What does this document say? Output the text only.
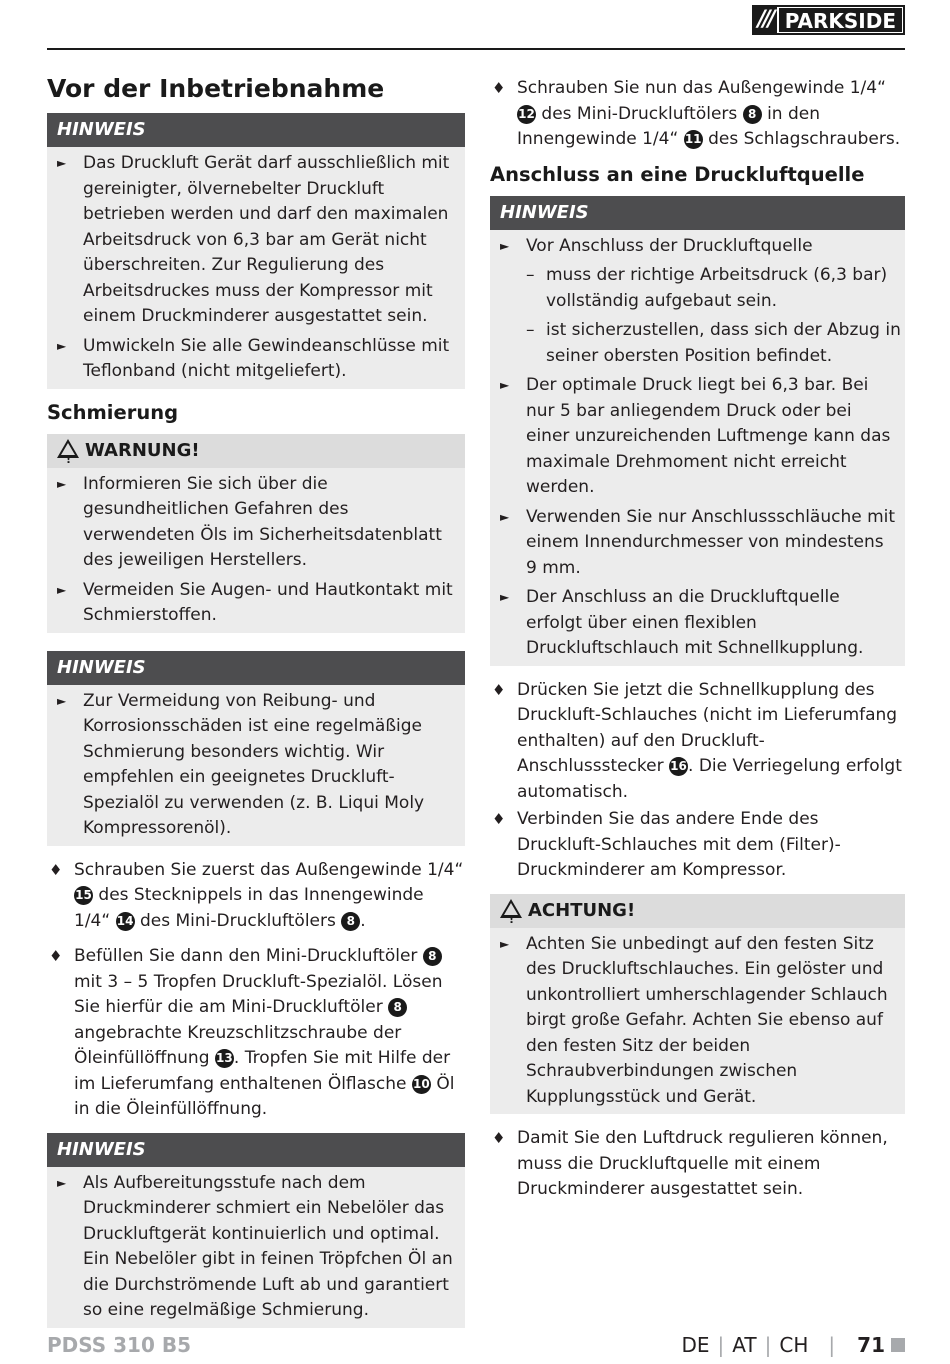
/// PARKSIDE
Vor der Inbetriebnahme
HINWEIS
► Das Druckluft Gerät darf ausschließlich mit gereinigter, ölvernebelter Druckluft betrieben werden und darf den maximalen Arbeitsdruck von 6,3 bar am Gerät nicht überschreiten. Zur Regulierung des Arbeitsdruckes muss der Kompressor mit einem Druckminderer ausgestattet sein.
► Umwickeln Sie alle Gewindeanschlüsse mit Teflonband (nicht mitgeliefert).
Schmierung
!WARNUNG!
► Informieren Sie sich über die gesundheitlichen Gefahren des verwendeten Öls im Sicherheitsdatenblatt des jeweiligen Herstellers.
► Vermeiden Sie Augen- und Hautkontakt mit Schmierstoffen.
HINWEIS
► Zur Vermeidung von Reibung- und Korrosionsschäden ist eine regelmäßige Schmierung besonders wichtig. Wir empfehlen ein geeignetes Druckluft-Spezialöl zu verwenden (z. B. Liqui Moly Kompressorenöl).
♦ Schrauben Sie zuerst das Außengewinde 1/4“ 15 des Stecknippels in das Innengewinde 1/4“ 14 des Mini-Druckluftölers 8 .
♦ Befüllen Sie dann den Mini-Druckluftöler 8 mit 3 – 5 Tropfen Druckluft-Spezialöl. Lösen Sie hierfür die am Mini-Druckluftöler 8 angebrachte Kreuzschlitzschraube der Öleinfüllöffnung 13. Tropfen Sie mit Hilfe der im Lieferumfang enthaltenen Ölflasche 10 Öl in die Öleinfüllöffnung.
HINWEIS
► Als Aufbereitungsstufe nach dem Druckminderer schmiert ein Nebelöler das Druckluftgerät kontinuierlich und optimal. Ein Nebelöler gibt in feinen Tröpfchen Öl an die Durchströmende Luft ab und garantiert so eine regelmäßige Schmierung.
♦ Schrauben Sie nun das Außengewinde 1/4“ 12 des Mini-Druckluftölers 8 in den Innengewinde 1/4“ 11 des Schlagschraubers.
Anschluss an eine Druckluftquelle
HINWEIS
► Vor Anschluss der Druckluftquelle
– muss der richtige Arbeitsdruck (6,3 bar) vollständig aufgebaut sein.
– ist sicherzustellen, dass sich der Abzug in seiner obersten Position befindet.
► Der optimale Druck liegt bei 6,3 bar. Bei nur 5 bar anliegendem Druck oder bei einer unzureichenden Luftmenge kann das maximale Drehmoment nicht erreicht werden.
► Verwenden Sie nur Anschlussschläuche mit einem Innendurchmesser von mindestens 9 mm.
► Der Anschluss an die Druckluftquelle erfolgt über einen flexiblen Druckluftschlauch mit Schnellkupplung.
♦ Drücken Sie jetzt die Schnellkupplung des Druckluft-Schlauches (nicht im Lieferumfang enthalten) auf den Druckluft-Anschlussstecker 16. Die Verriegelung erfolgt automatisch.
♦ Verbinden Sie das andere Ende des Druckluft-Schlauches mit dem (Filter)-Druckminderer am Kompressor.
!ACHTUNG!
► Achten Sie unbedingt auf den festen Sitz des Druckluftschlauches. Ein gelöster und unkontrolliert umherschlagender Schlauch birgt große Gefahr. Achten Sie ebenso auf den festen Sitz der beiden Schraubverbindungen zwischen Kupplungsstück und Gerät.
♦ Damit Sie den Luftdruck regulieren können, muss die Druckluftquelle mit einem Druckminderer ausgestattet sein.
PDSS 310 B5	DE | AT | CH | 71
